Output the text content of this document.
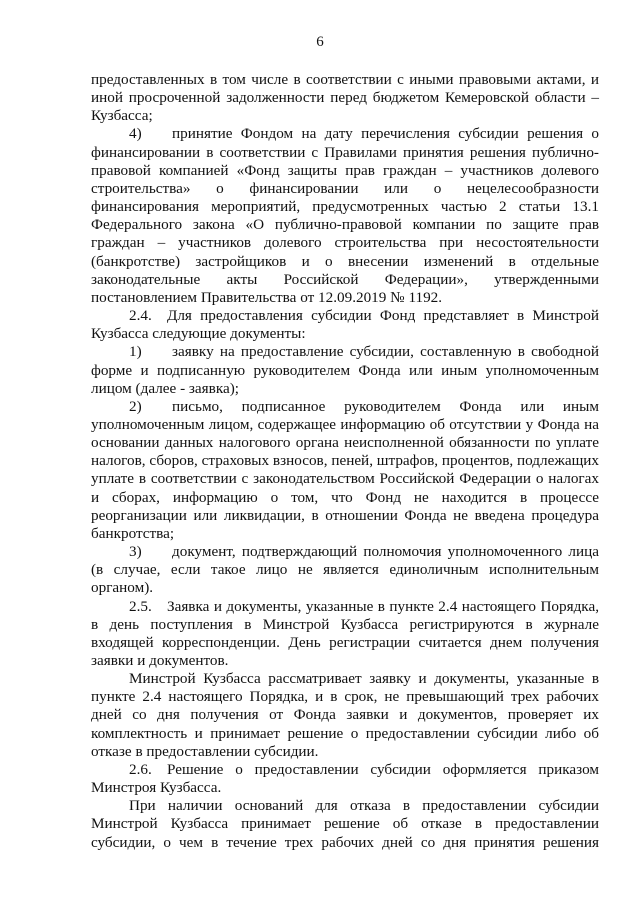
6

предоставленных в том числе в соответствии с иными правовыми актами, и иной просроченной задолженности перед бюджетом Кемеровской области – Кузбасса;

4)  принятие Фондом на дату перечисления субсидии решения о финансировании в соответствии с Правилами принятия решения публично-правовой компанией «Фонд защиты прав граждан – участников долевого строительства» о финансировании или о нецелесообразности финансирования мероприятий, предусмотренных частью 2 статьи 13.1 Федерального закона «О публично-правовой компании по защите прав граждан – участников долевого строительства при несостоятельности (банкротстве) застройщиков и о внесении изменений в отдельные законодательные акты Российской Федерации», утвержденными постановлением Правительства от 12.09.2019 № 1192.

2.4. Для предоставления субсидии Фонд представляет в Минстрой Кузбасса следующие документы:

1)  заявку на предоставление субсидии, составленную в свободной форме и подписанную руководителем Фонда или иным уполномоченным лицом (далее - заявка);

2)  письмо, подписанное руководителем Фонда или иным уполномоченным лицом, содержащее информацию об отсутствии у Фонда на основании данных налогового органа неисполненной обязанности по уплате налогов, сборов, страховых взносов, пеней, штрафов, процентов, подлежащих уплате в соответствии с законодательством Российской Федерации о налогах и сборах, информацию о том, что Фонд не находится в процессе реорганизации или ликвидации, в отношении Фонда не введена процедура банкротства;

3)  документ, подтверждающий полномочия уполномоченного лица (в случае, если такое лицо не является единоличным исполнительным органом).

2.5. Заявка и документы, указанные в пункте 2.4 настоящего Порядка, в день поступления в Минстрой Кузбасса регистрируются в журнале входящей корреспонденции. День регистрации считается днем получения заявки и документов.

Минстрой Кузбасса рассматривает заявку и документы, указанные в пункте 2.4 настоящего Порядка, и в срок, не превышающий трех рабочих дней со дня получения от Фонда заявки и документов, проверяет их комплектность и принимает решение о предоставлении субсидии либо об отказе в предоставлении субсидии.

2.6. Решение о предоставлении субсидии оформляется приказом Минстроя Кузбасса.

При наличии оснований для отказа в предоставлении субсидии Минстрой Кузбасса принимает решение об отказе в предоставлении субсидии, о чем в течение трех рабочих дней со дня принятия решения
